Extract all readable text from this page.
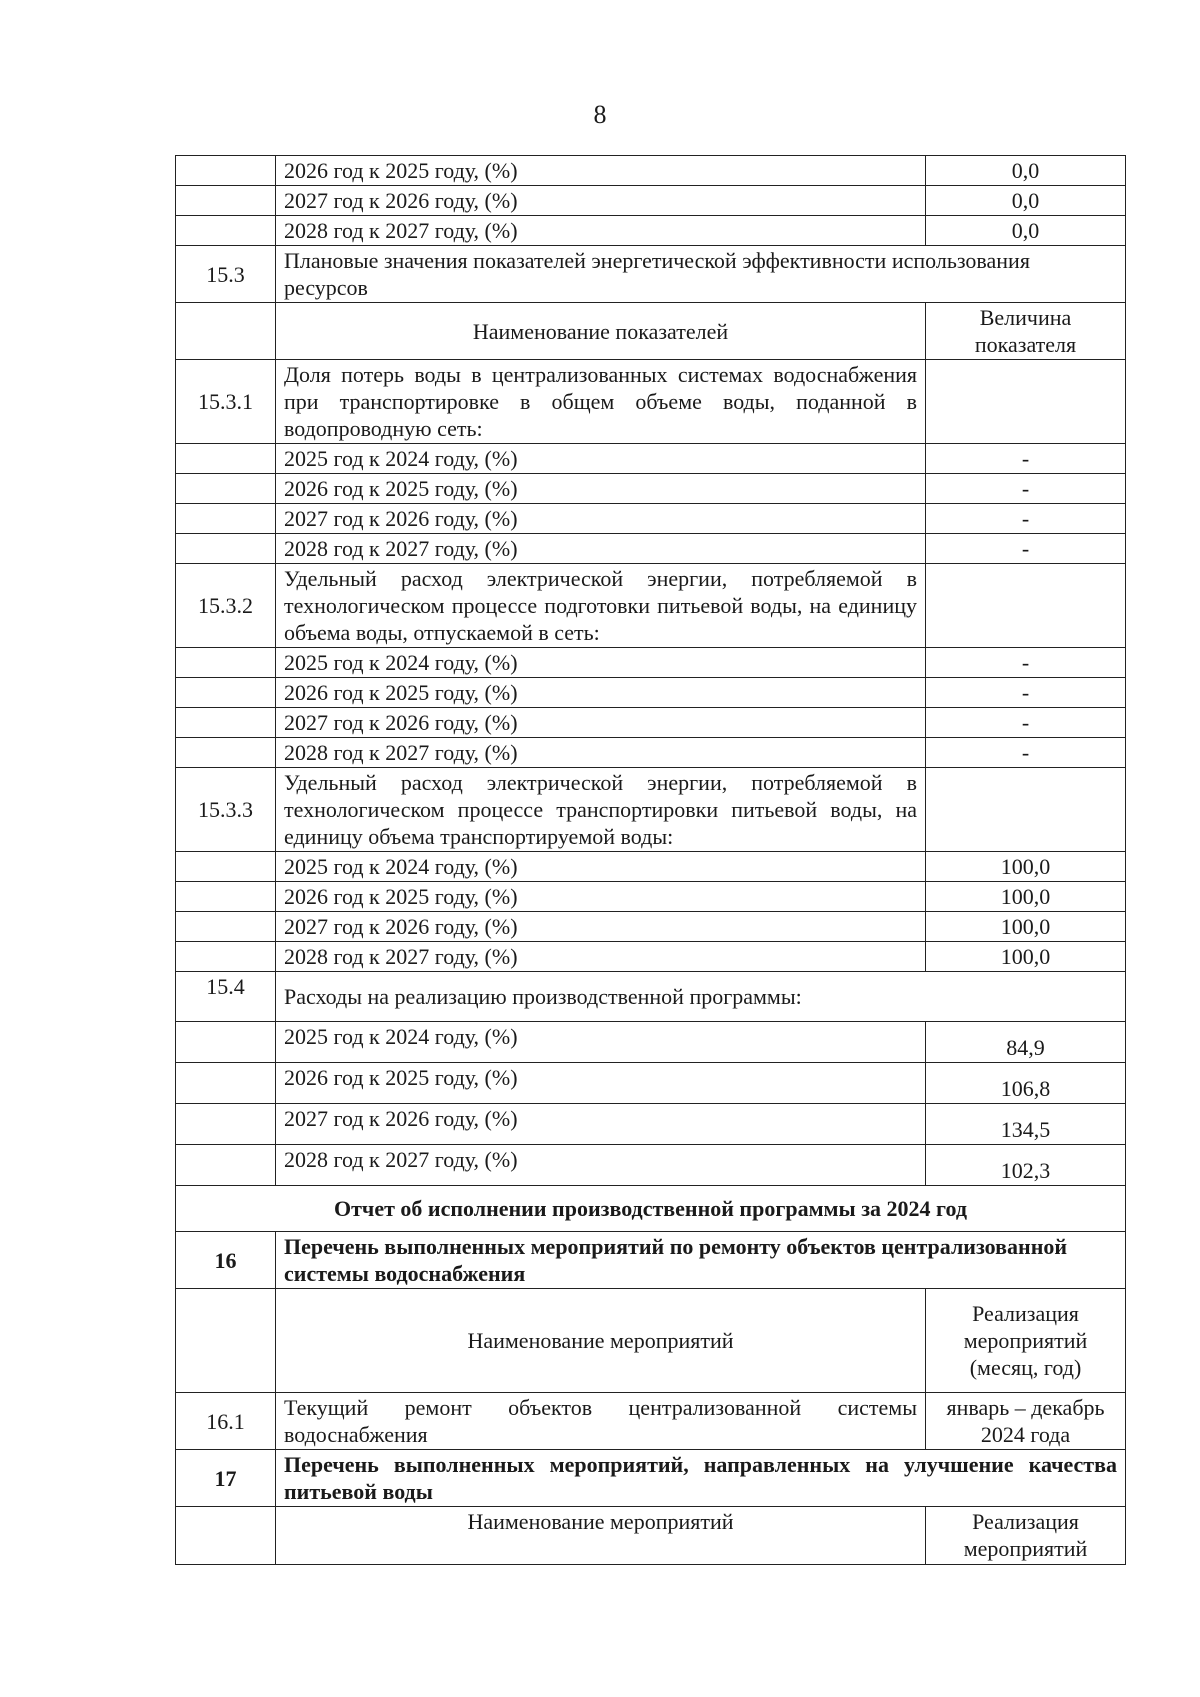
8
	2026 год к 2025 году, (%)	0,0
	2027 год к 2026 году, (%)	0,0
	2028 год к 2027 году, (%)	0,0
15.3	Плановые значения показателей энергетической эффективности использования ресурсов	
	Наименование показателей	Величина показателя
15.3.1	Доля потерь воды в централизованных системах водоснабжения при транспортировке в общем объеме воды, поданной в водопроводную сеть:	
	2025 год к 2024 году, (%)	-
	2026 год к 2025 году, (%)	-
	2027 год к 2026 году, (%)	-
	2028 год к 2027 году, (%)	-
15.3.2	Удельный расход электрической энергии, потребляемой в технологическом процессе подготовки питьевой воды, на единицу объема воды, отпускаемой в сеть:	
	2025 год к 2024 году, (%)	-
	2026 год к 2025 году, (%)	-
	2027 год к 2026 году, (%)	-
	2028 год к 2027 году, (%)	-
15.3.3	Удельный расход электрической энергии, потребляемой в технологическом процессе транспортировки питьевой воды, на единицу объема транспортируемой воды:	
	2025 год к 2024 году, (%)	100,0
	2026 год к 2025 году, (%)	100,0
	2027 год к 2026 году, (%)	100,0
	2028 год к 2027 году, (%)	100,0
15.4	Расходы на реализацию производственной программы:	
	2025 год к 2024 году, (%)	84,9
	2026 год к 2025 году, (%)	106,8
	2027 год к 2026 году, (%)	134,5
	2028 год к 2027 году, (%)	102,3
Отчет об исполнении производственной программы за 2024 год		
16	Перечень выполненных мероприятий по ремонту объектов централизованной системы водоснабжения	
	Наименование мероприятий	Реализация мероприятий (месяц, год)
16.1	Текущий ремонт объектов централизованной системы водоснабжения	январь – декабрь 2024 года
17	Перечень выполненных мероприятий, направленных на улучшение качества питьевой воды	
	Наименование мероприятий	Реализация мероприятий
